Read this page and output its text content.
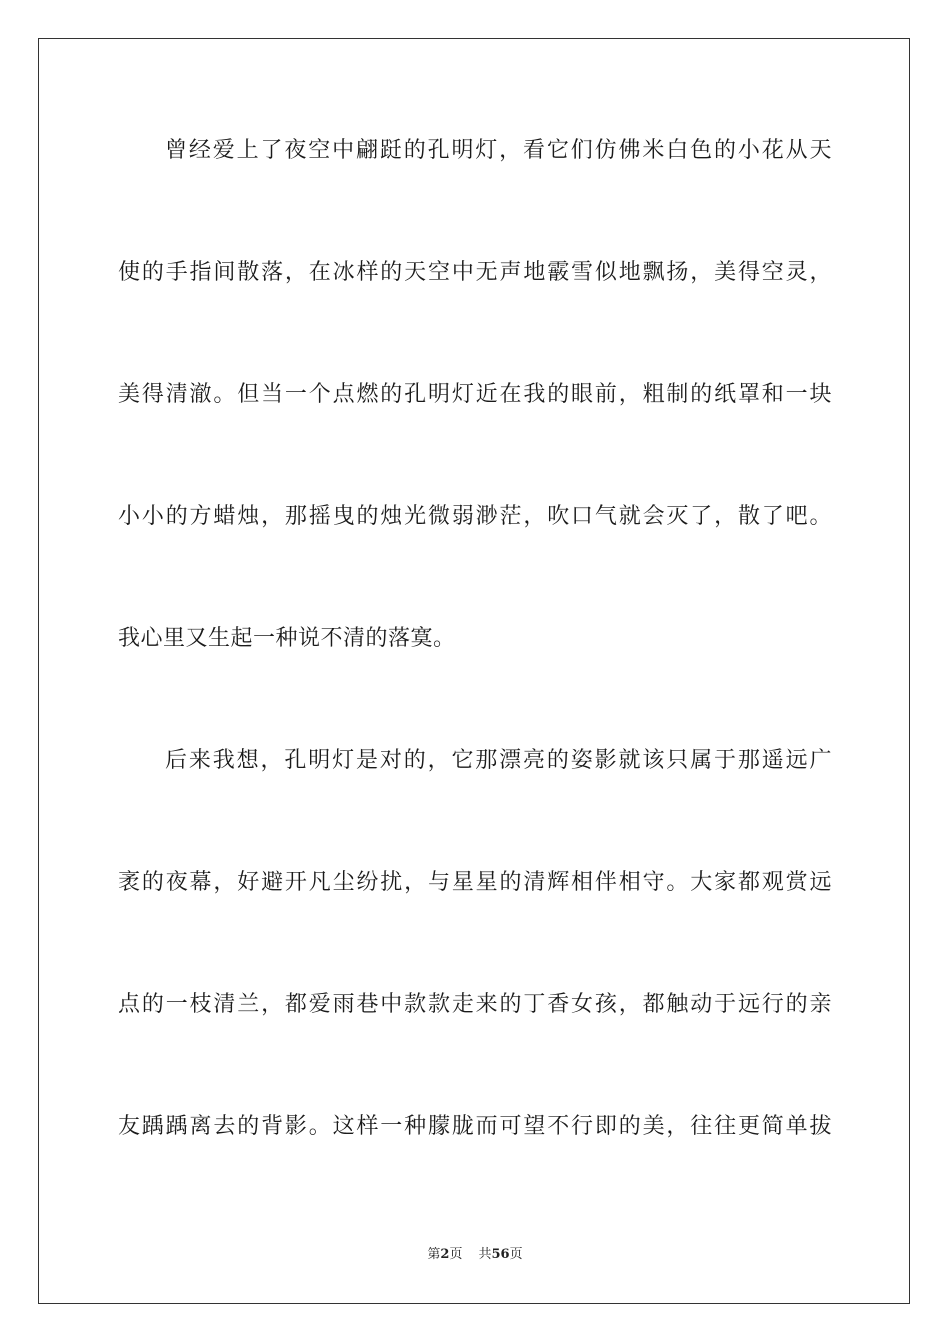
曾经爱上了夜空中翩跹的孔明灯，看它们仿佛米白色的小花从天
使的手指间散落，在冰样的天空中无声地霰雪似地飘扬，美得空灵，
美得清澈。但当一个点燃的孔明灯近在我的眼前，粗制的纸罩和一块
小小的方蜡烛，那摇曳的烛光微弱渺茫，吹口气就会灭了，散了吧。
我心里又生起一种说不清的落寞。
后来我想，孔明灯是对的，它那漂亮的姿影就该只属于那遥远广
袤的夜幕，好避开凡尘纷扰，与星星的清辉相伴相守。大家都观赏远
点的一枝清兰，都爱雨巷中款款走来的丁香女孩，都触动于远行的亲
友踽踽离去的背影。这样一种朦胧而可望不行即的美，往往更简单拔
第2页 共56页
